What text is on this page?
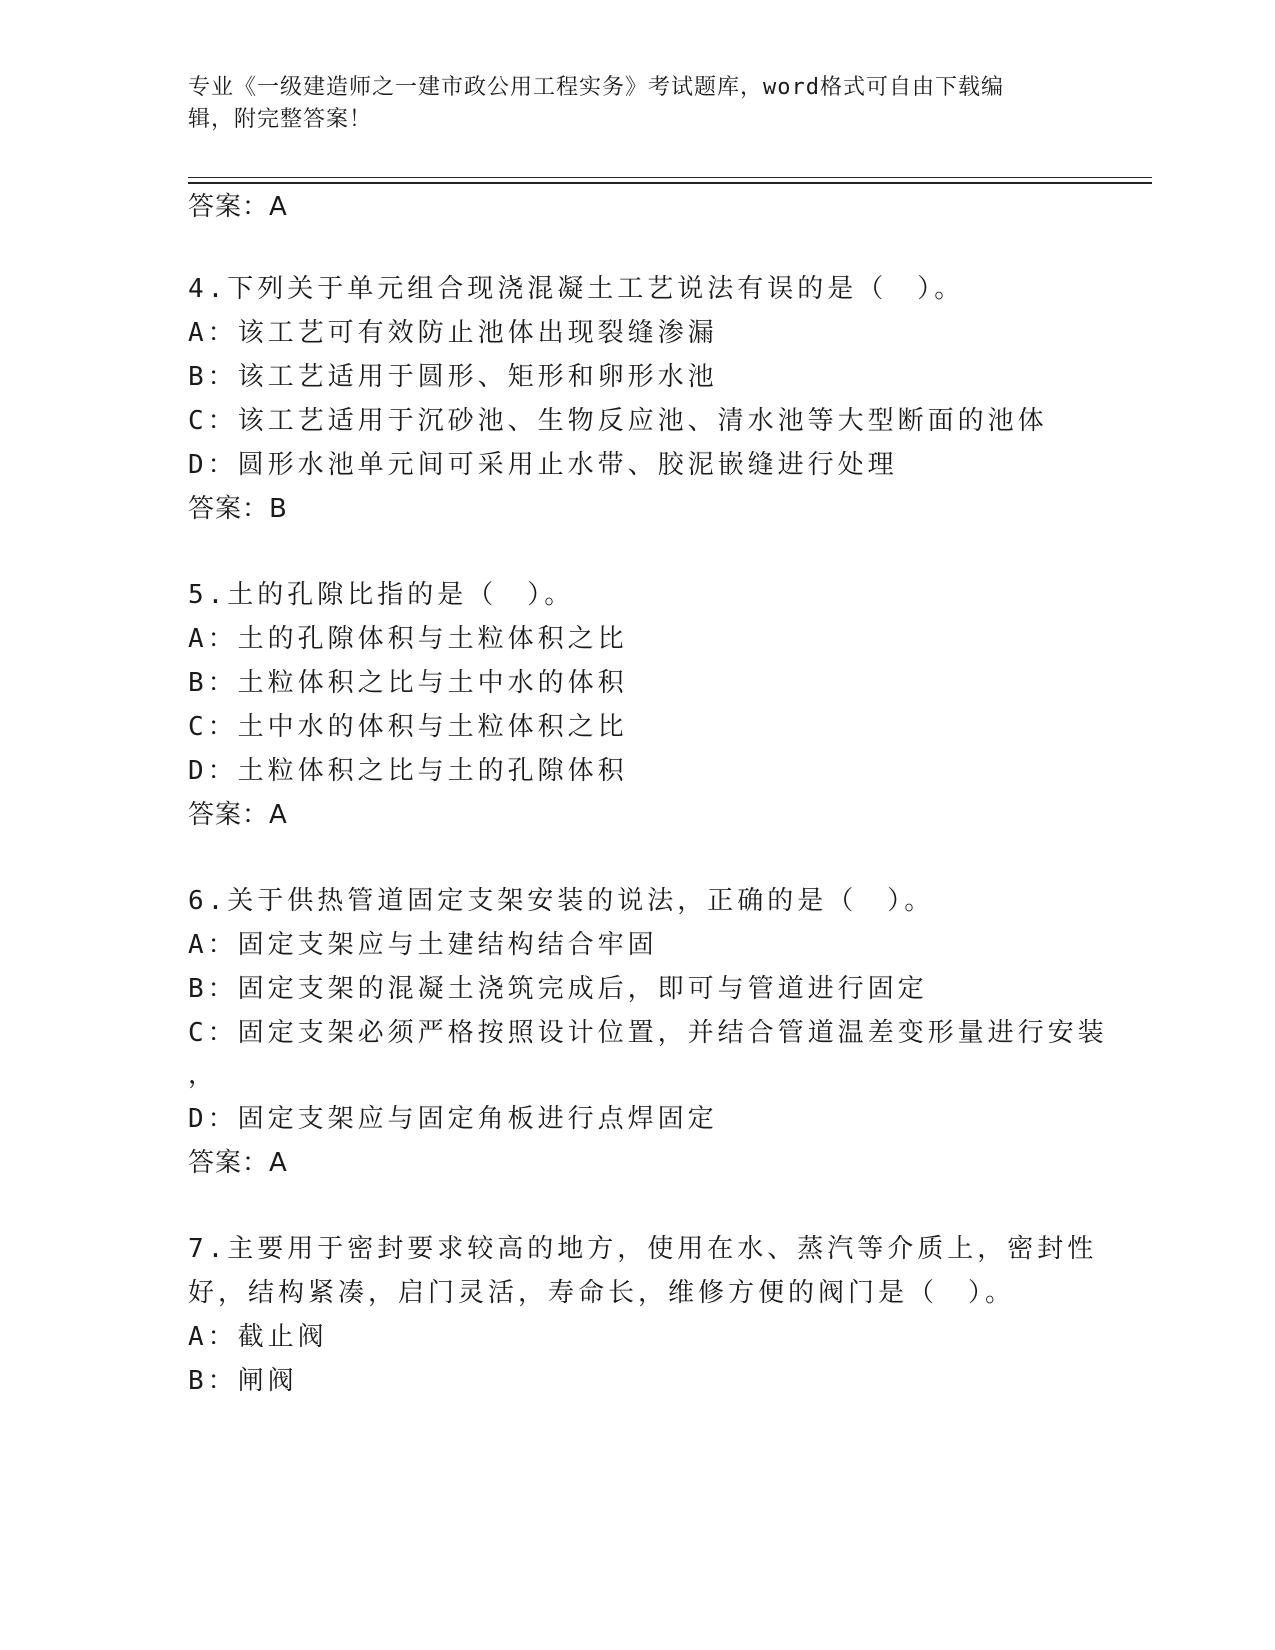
专业《一级建造师之一建市政公用工程实务》考试题库，word格式可自由下载编
辑，附完整答案！
答案：A
4.下列关于单元组合现浇混凝土工艺说法有误的是（　）。
A：该工艺可有效防止池体出现裂缝渗漏
B：该工艺适用于圆形、矩形和卵形水池
C：该工艺适用于沉砂池、生物反应池、清水池等大型断面的池体
D：圆形水池单元间可采用止水带、胶泥嵌缝进行处理
答案：B
5.土的孔隙比指的是（　）。
A：土的孔隙体积与土粒体积之比
B：土粒体积之比与土中水的体积
C：土中水的体积与土粒体积之比
D：土粒体积之比与土的孔隙体积
答案：A
6.关于供热管道固定支架安装的说法，正确的是（　）。
A：固定支架应与土建结构结合牢固
B：固定支架的混凝土浇筑完成后，即可与管道进行固定
C：固定支架必须严格按照设计位置，并结合管道温差变形量进行安装
，
D：固定支架应与固定角板进行点焊固定
答案：A
7.主要用于密封要求较高的地方，使用在水、蒸汽等介质上，密封性
好，结构紧凑，启门灵活，寿命长，维修方便的阀门是（　）。
A：截止阀
B：闸阀
